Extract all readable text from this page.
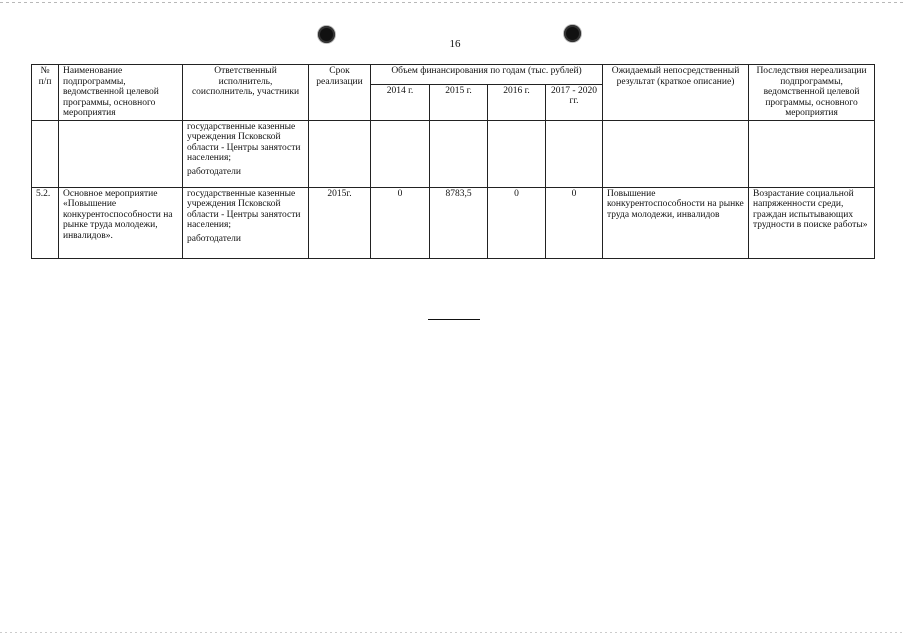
16
№ п/п	Наименование подпрограммы, ведомственной целевой программы, основного мероприятия	Ответственный исполнитель, соисполнитель, участники	Срок реализации	Объем финансирования по годам (тыс. рублей)				Ожидаемый непосредственный результат (краткое описание)	Последствия нереализации подпрограммы, ведомственной целевой программы, основного мероприятия
				2014 г.	2015 г.	2016 г.	2017 - 2020 гг.		
		государственные казенные учреждения Псковской области - Центры занятости населения;
работодатели							

5.2.	Основное мероприятие «Повышение конкурентоспособности на рынке труда молодежи, инвалидов».	государственные казенные учреждения Псковской области - Центры занятости населения;
работодатели	2015г.	0	8783,5	0	0	Повышение конкурентоспособности на рынке труда молодежи, инвалидов	Возрастание социальной напряженности среди, граждан испытывающих трудности в поиске работы»
